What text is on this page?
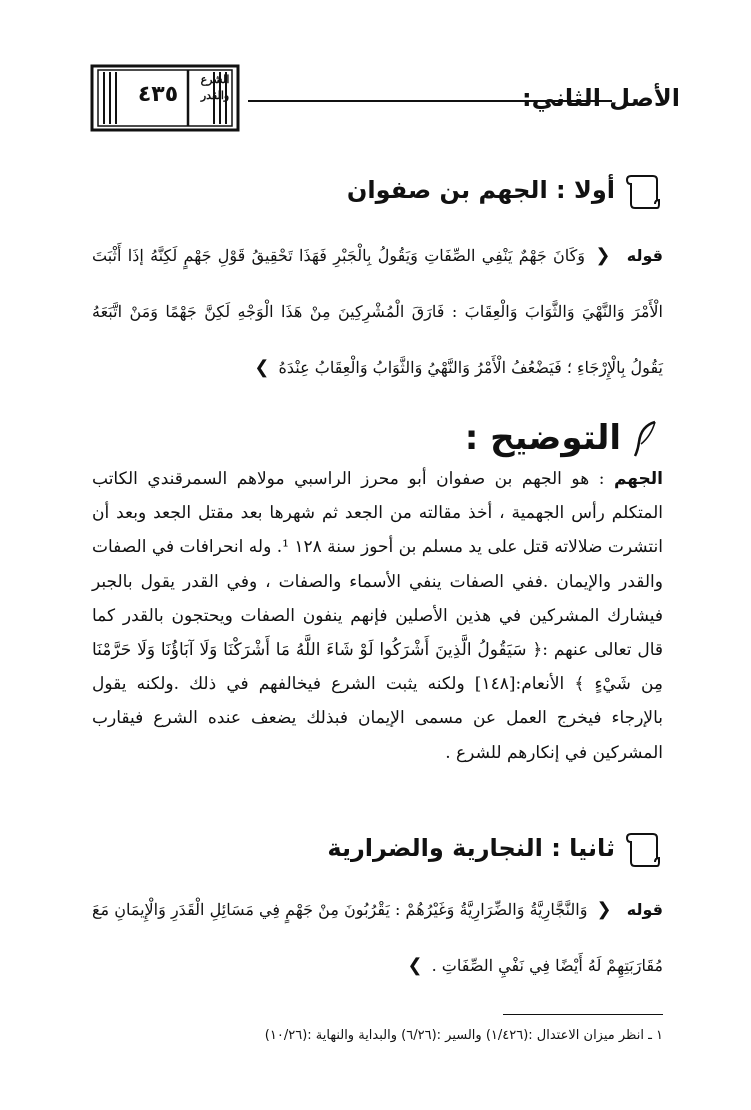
٤٣٥
الشرع والقدر	الأصل الثاني:
أولا : الجهم بن صفوان
قوله ❮ وَكَانَ جَهْمٌ يَنْفِي الصِّفَاتِ وَيَقُولُ بِالْجَبْرِ فَهَذَا تَحْقِيقُ قَوْلِ جَهْمٍ لَكِنَّهُ إذَا أَثْبَتَ الْأَمْرَ وَالنَّهْيَ وَالثَّوَابَ وَالْعِقَابَ : فَارَقَ الْمُشْرِكِينَ مِنْ هَذَا الْوَجْهِ لَكِنَّ جَهْمًا وَمَنْ اتَّبَعَهُ يَقُولُ بِالْإِرْجَاءِ ؛ فَيَضْعُفُ الْأَمْرُ وَالنَّهْيُ وَالثَّوَابُ وَالْعِقَابُ عِنْدَهُ ❯
التوضيح :
الجهم : هو الجهم بن صفوان أبو محرز الراسبي مولاهم السمرقندي الكاتب المتكلم رأس الجهمية ، أخذ مقالته من الجعد ثم شهرها بعد مقتل الجعد وبعد أن انتشرت ضلالاته قتل على يد مسلم بن أحوز سنة ١٢٨ ¹. وله انحرافات في الصفات والقدر والإيمان .ففي الصفات ينفي الأسماء والصفات ، وفي القدر يقول بالجبر فيشارك المشركين في هذين الأصلين فإنهم ينفون الصفات ويحتجون بالقدر كما قال تعالى عنهم :﴿ سَيَقُولُ الَّذِينَ أَشْرَكُوا لَوْ شَاءَ اللَّهُ مَا أَشْرَكْنَا وَلَا آبَاؤُنَا وَلَا حَرَّمْنَا مِن شَيْءٍ ﴾ الأنعام:[١٤٨] ولكنه يثبت الشرع فيخالفهم في ذلك .ولكنه يقول بالإرجاء فيخرج العمل عن مسمى الإيمان فبذلك يضعف عنده الشرع فيقارب المشركين في إنكارهم للشرع .
ثانيا : النجارية والضرارية
قوله ❮ وَالنَّجَّارِيَّةُ وَالضِّرَارِيَّةُ وَغَيْرُهُمْ : يَقْرُبُونَ مِنْ جَهْمٍ فِي مَسَائِلِ الْقَدَرِ وَالْإِيمَانِ مَعَ مُقَارَبَتِهِمْ لَهُ أَيْضًا فِي نَفْيِ الصِّفَاتِ . ❯
١ ـ انظر ميزان الاعتدال :(١/٤٢٦) والسير :(٦/٢٦) والبداية والنهاية :(١٠/٢٦)
